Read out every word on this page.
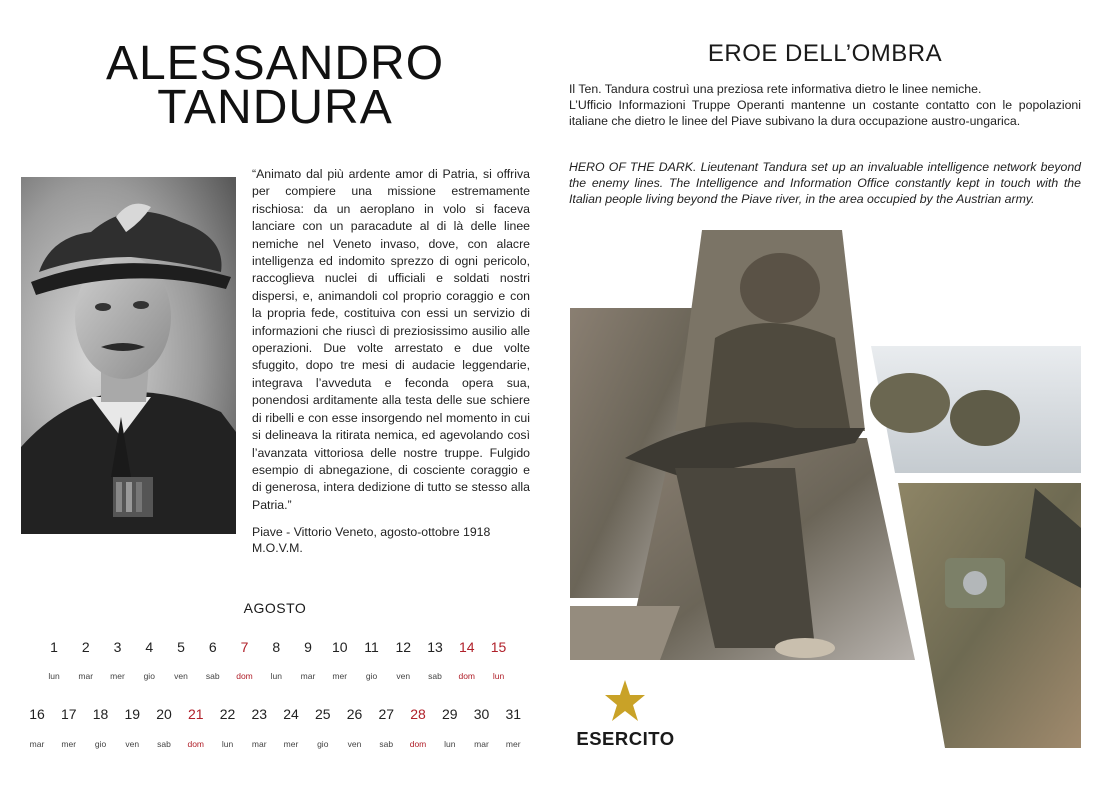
ALESSANDRO
TANDURA

“Animato dal più ardente amor di Patria, si offriva per compiere una missione estremamente rischiosa: da un aeroplano in volo si faceva lanciare con un paracadute al di là delle linee nemiche nel Veneto invaso, dove, con alacre intelligenza ed indomito sprezzo di ogni pericolo, raccoglieva nuclei di ufficiali e soldati nostri dispersi, e, animandoli col proprio coraggio e con la propria fede, costituiva con essi un servizio di informazioni che riuscì di preziosissimo ausilio alle operazioni. Due volte arrestato e due volte sfuggito, dopo tre mesi di audacie leggendarie, integrava l’avveduta e feconda opera sua, ponendosi arditamente alla testa delle sue schiere di ribelli e con esse insorgendo nel momento in cui si delineava la ritirata nemica, ed agevolando così l’avanzata vittoriosa delle nostre truppe. Fulgido esempio di abnegazione, di cosciente coraggio e di generosa, intera dedizione di tutto se stesso alla Patria.”

Piave - Vittorio Veneto, agosto-ottobre 1918
M.O.V.M.
AGOSTO
1
lun
2
mar
3
mer
4
gio
5
ven
6
sab
7
dom
8
lun
9
mar
10
mer
11
gio
12
ven
13
sab
14
dom
15
lun
16
mar
17
mer
18
gio
19
ven
20
sab
21
dom
22
lun
23
mar
24
mer
25
gio
26
ven
27
sab
28
dom
29
lun
30
mar
31
mer
EROE DELL’OMBRA
Il Ten. Tandura costruì una preziosa rete informativa dietro le linee nemiche.
L’Ufficio Informazioni Truppe Operanti mantenne un costante contatto con le popolazioni italiane che dietro le linee del Piave subivano la dura occupazione austro-ungarica.
HERO OF THE DARK. Lieutenant Tandura set up an invaluable intelligence network beyond the enemy lines. The Intelligence and Information Office constantly kept in touch with the Italian people living beyond the Piave river, in the area occupied by the Austrian army.
ESERCITO
